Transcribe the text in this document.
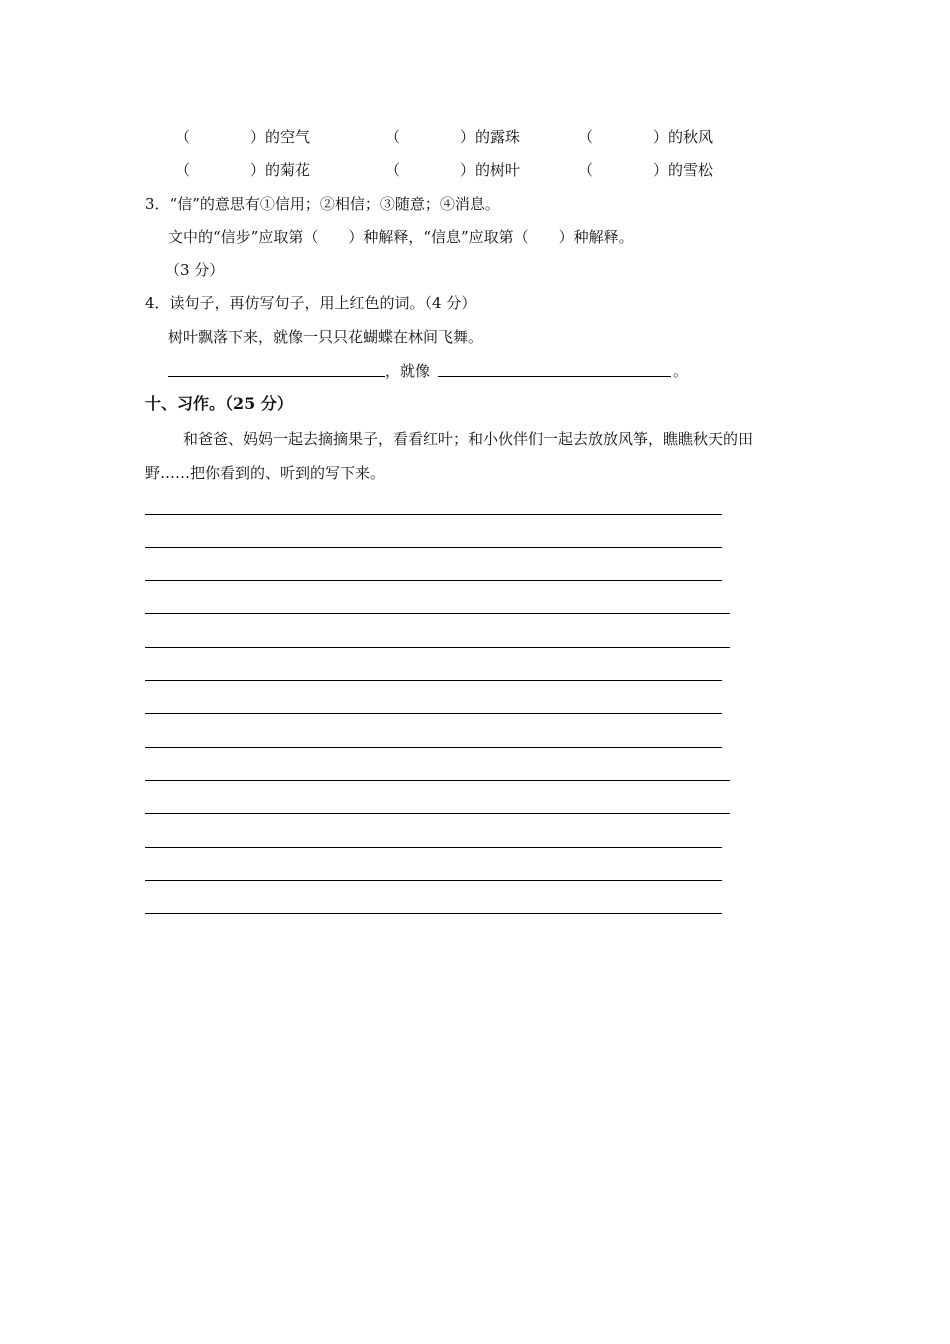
（　　　　）的空气	（　　　　）的露珠	（　　　　）的秋风
（　　　　）的菊花	（　　　　）的树叶	（　　　　）的雪松
3．“信”的意思有①信用；②相信；③随意；④消息。
文中的“信步”应取第（　　）种解释，“信息”应取第（　　）种解释。
（3 分）
4．读句子，再仿写句子，用上红色的词。（4 分）
树叶飘落下来，就像一只只花蝴蝶在林间飞舞。
，就像	。
十、习作。（25 分）
和爸爸、妈妈一起去摘摘果子，看看红叶；和小伙伴们一起去放放风筝，瞧瞧秋天的田
野……把你看到的、听到的写下来。
